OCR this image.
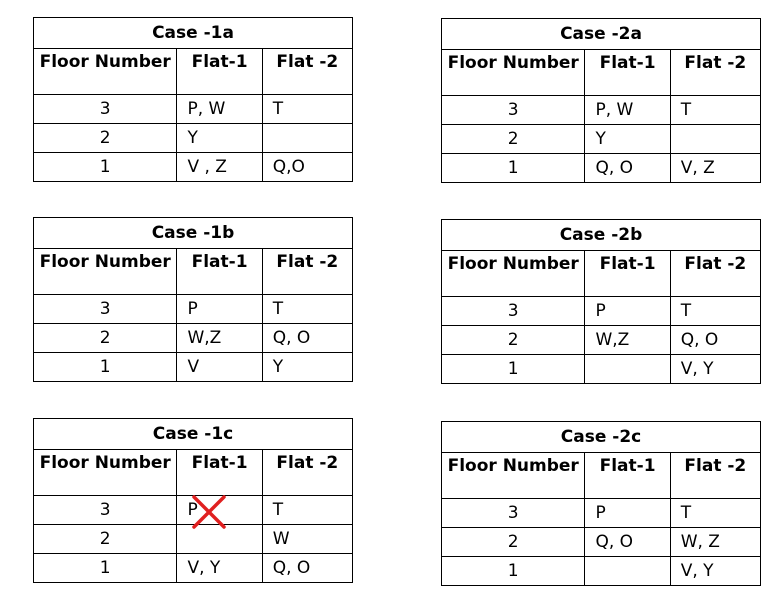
Case -1a		
Floor Number	Flat-1	Flat -2
3	P, W	T
2	Y	
1	V , Z	Q,O
Case -2a		
Floor Number	Flat-1	Flat -2
3	P, W	T
2	Y	
1	Q, O	V, Z
Case -1b		
Floor Number	Flat-1	Flat -2
3	P	T
2	W,Z	Q, O
1	V	Y
Case -2b		
Floor Number	Flat-1	Flat -2
3	P	T
2	W,Z	Q, O
1		V, Y
Case -1c		
Floor Number	Flat-1	Flat -2
3	P	T
2		W
1	V, Y	Q, O
Case -2c		
Floor Number	Flat-1	Flat -2
3	P	T
2	Q, O	W, Z
1		V, Y
